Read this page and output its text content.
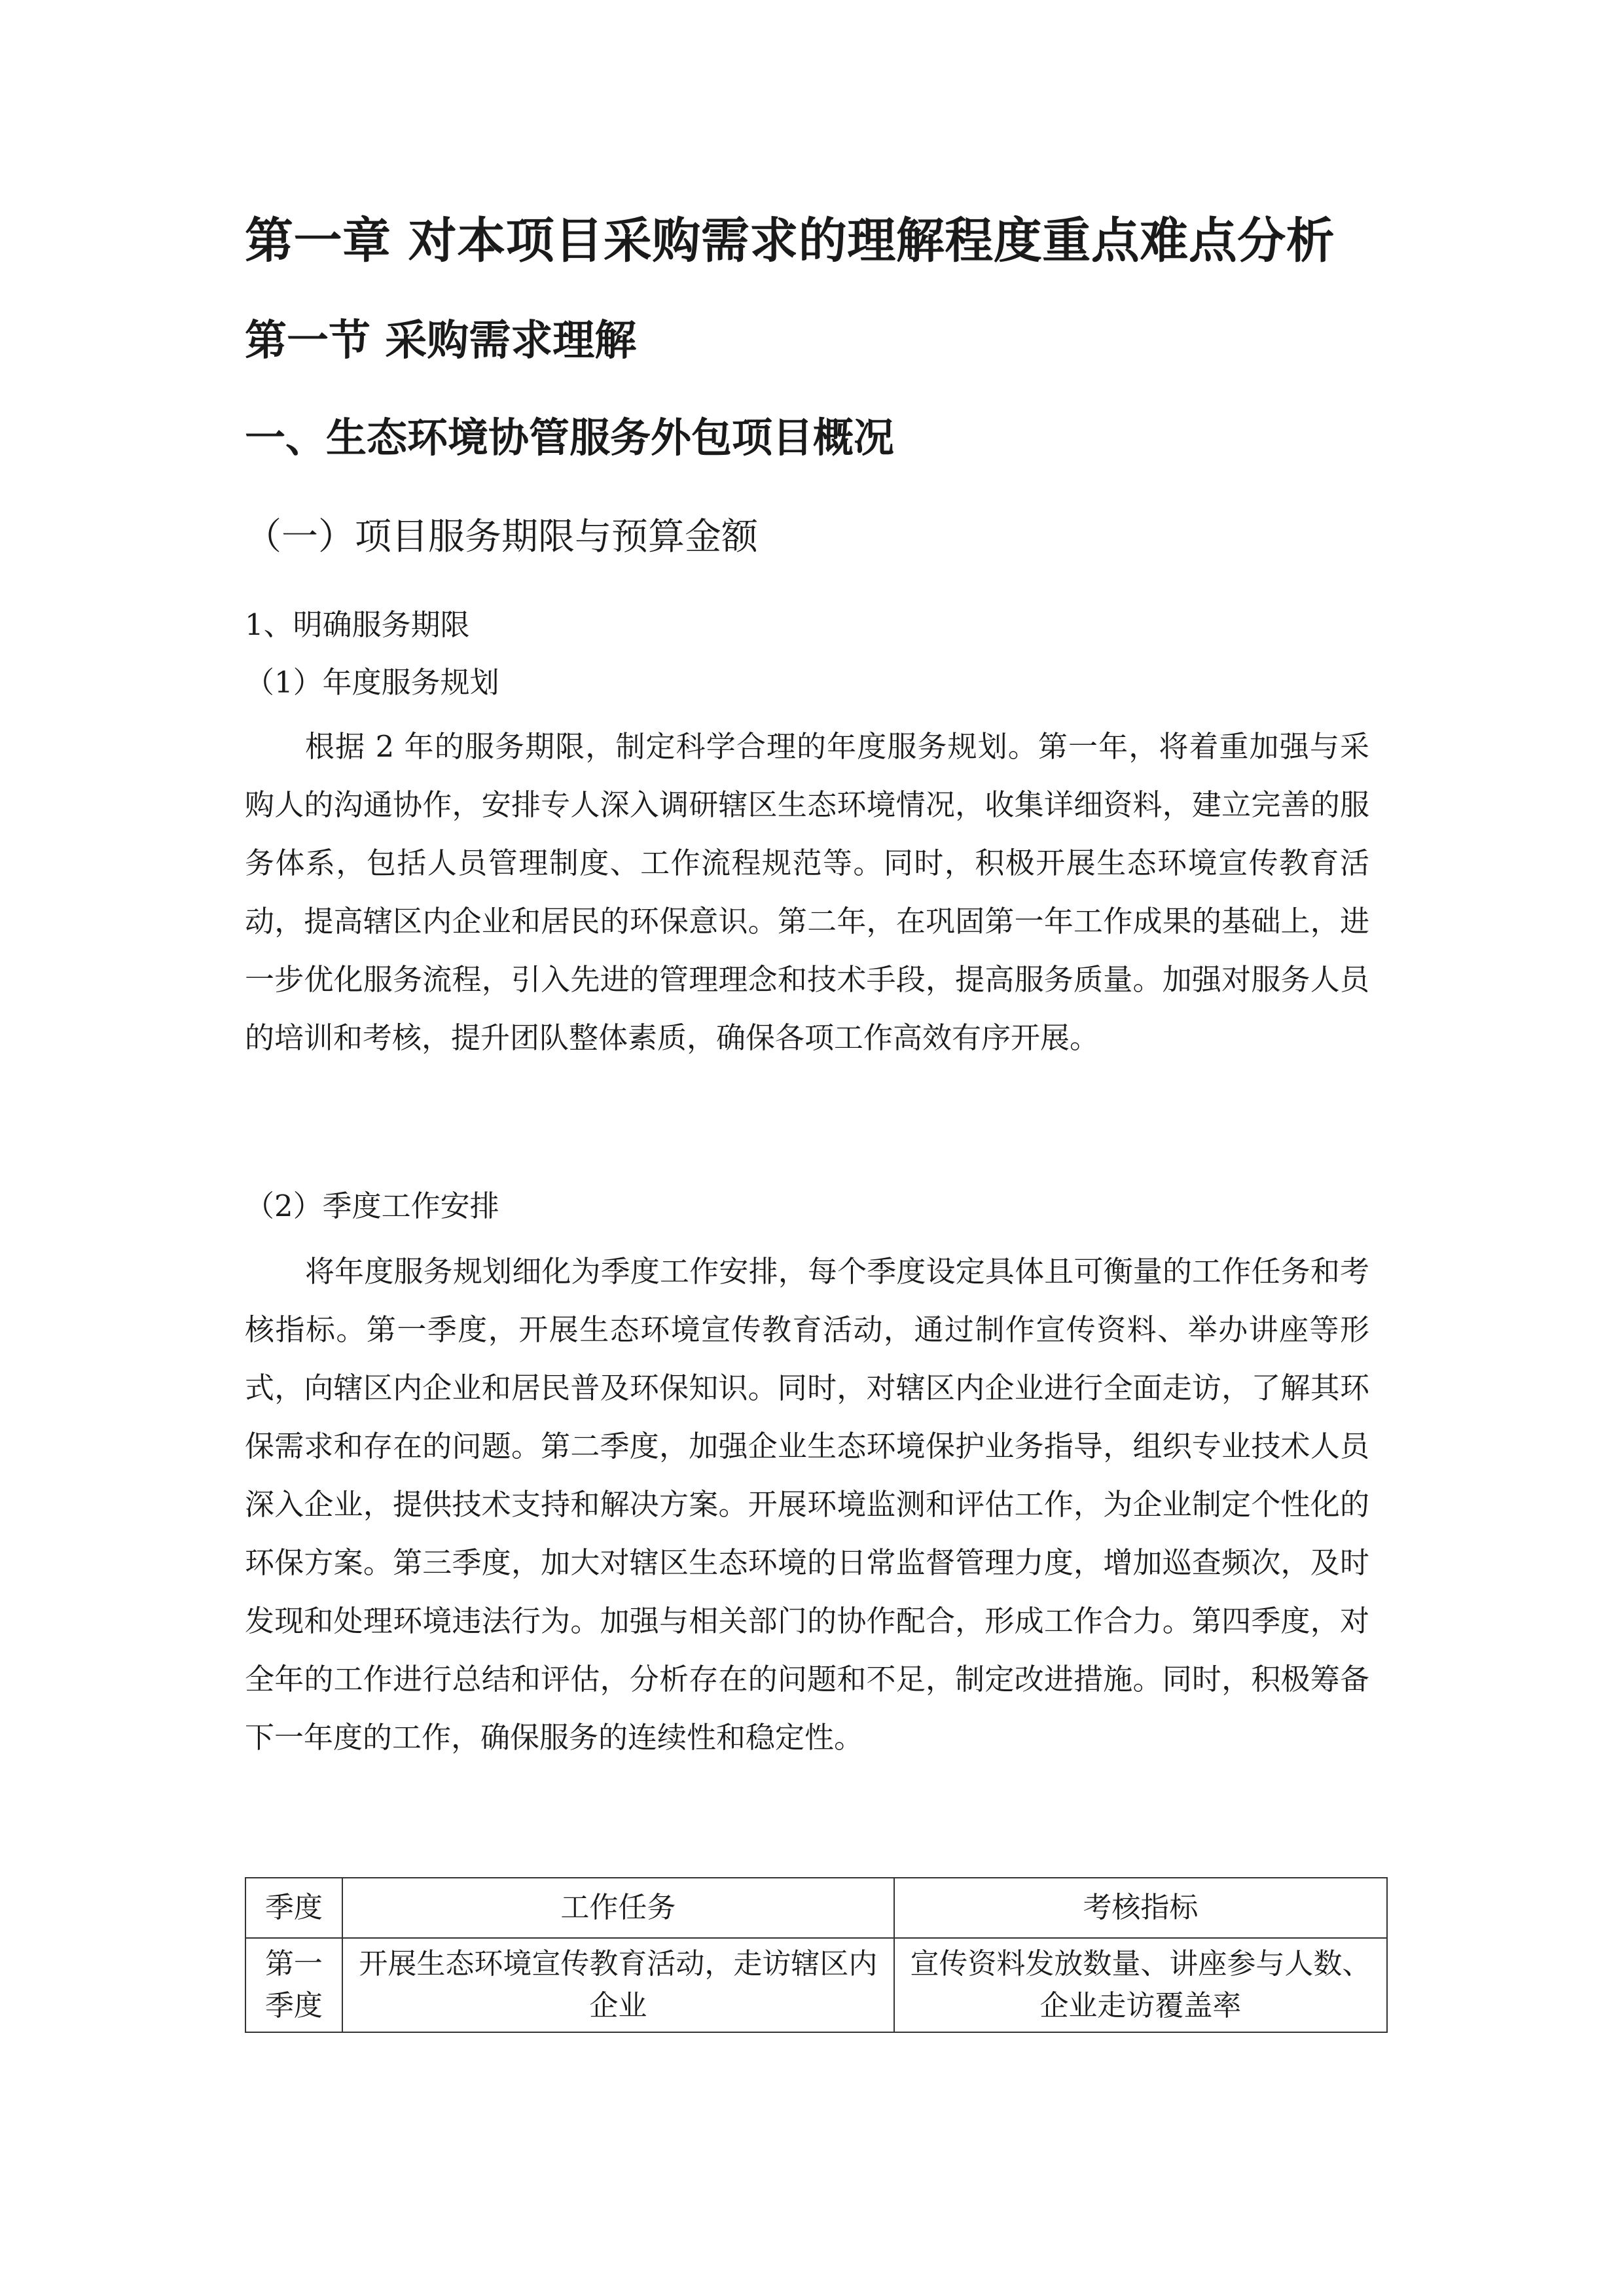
第一章 对本项目采购需求的理解程度重点难点分析
第一节 采购需求理解
一、生态环境协管服务外包项目概况
（一）项目服务期限与预算金额
1、明确服务期限
（1）年度服务规划

根据 2 年的服务期限，制定科学合理的年度服务规划。第一年，将着重加强与采购人的沟通协作，安排专人深入调研辖区生态环境情况，收集详细资料，建立完善的服务体系，包括人员管理制度、工作流程规范等。同时，积极开展生态环境宣传教育活动，提高辖区内企业和居民的环保意识。第二年，在巩固第一年工作成果的基础上，进一步优化服务流程，引入先进的管理理念和技术手段，提高服务质量。加强对服务人员的培训和考核，提升团队整体素质，确保各项工作高效有序开展。

（2）季度工作安排

将年度服务规划细化为季度工作安排，每个季度设定具体且可衡量的工作任务和考核指标。第一季度，开展生态环境宣传教育活动，通过制作宣传资料、举办讲座等形式，向辖区内企业和居民普及环保知识。同时，对辖区内企业进行全面走访，了解其环保需求和存在的问题。第二季度，加强企业生态环境保护业务指导，组织专业技术人员深入企业，提供技术支持和解决方案。开展环境监测和评估工作，为企业制定个性化的环保方案。第三季度，加大对辖区生态环境的日常监督管理力度，增加巡查频次，及时发现和处理环境违法行为。加强与相关部门的协作配合，形成工作合力。第四季度，对全年的工作进行总结和评估，分析存在的问题和不足，制定改进措施。同时，积极筹备下一年度的工作，确保服务的连续性和稳定性。

季度	工作任务	考核指标
第一季度	开展生态环境宣传教育活动，走访辖区内企业	宣传资料发放数量、讲座参与人数、企业走访覆盖率
